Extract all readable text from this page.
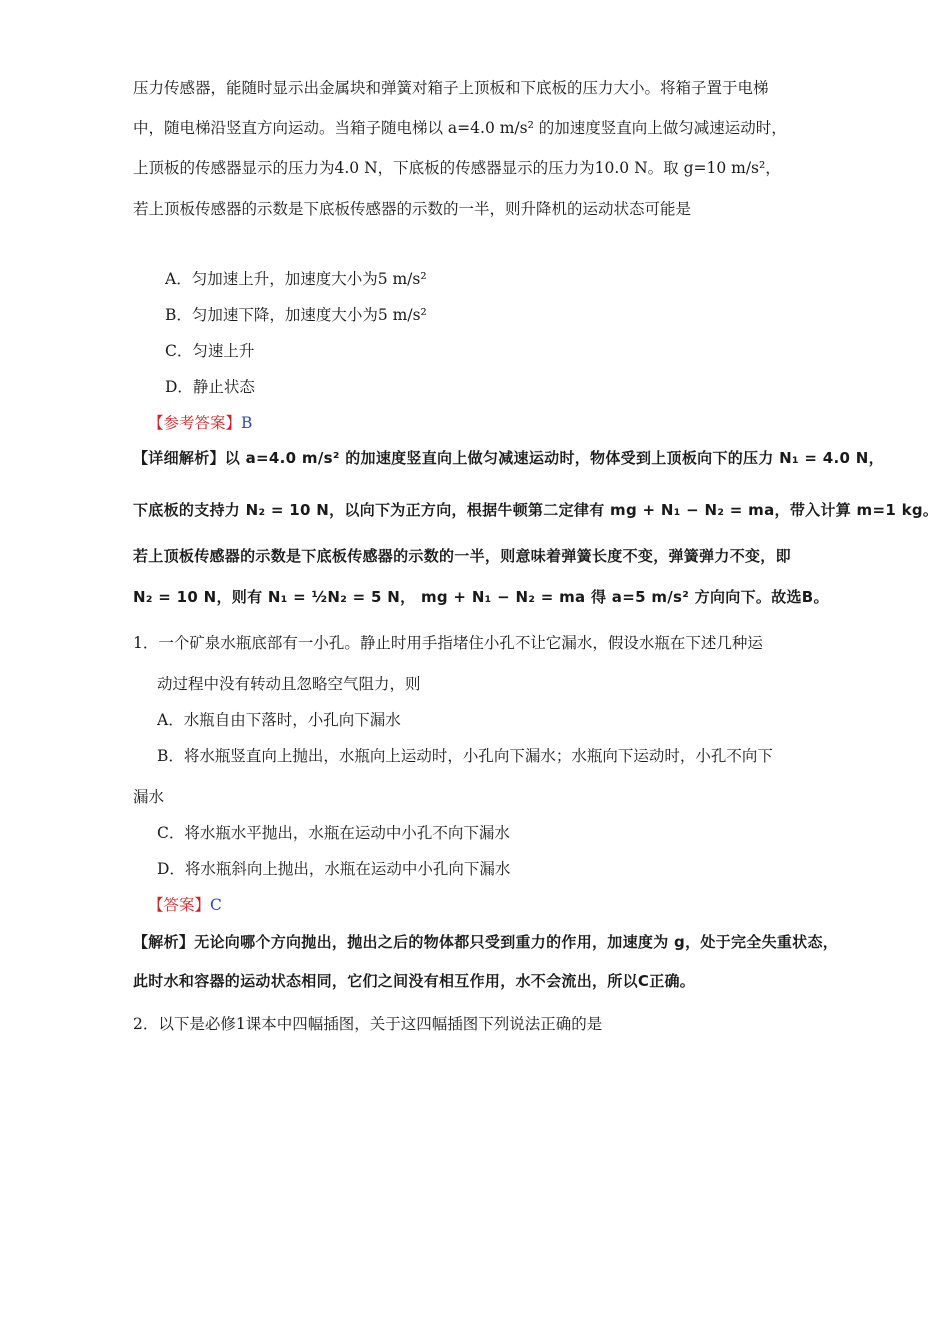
压力传感器，能随时显示出金属块和弹簧对箱子上顶板和下底板的压力大小。将箱子置于电梯
中，随电梯沿竖直方向运动。当箱子随电梯以 a=4.0 m/s² 的加速度竖直向上做匀减速运动时，
上顶板的传感器显示的压力为4.0 N，下底板的传感器显示的压力为10.0 N。取 g=10 m/s²，
若上顶板传感器的示数是下底板传感器的示数的一半，则升降机的运动状态可能是
A．匀加速上升，加速度大小为5 m/s²
B．匀加速下降，加速度大小为5 m/s²
C．匀速上升
D．静止状态
【参考答案】B
【详细解析】以 a=4.0 m/s² 的加速度竖直向上做匀减速运动时，物体受到上顶板向下的压力 N₁ = 4.0 N，
下底板的支持力 N₂ = 10 N，以向下为正方向，根据牛顿第二定律有 mg + N₁ − N₂ = ma，带入计算 m=1 kg。
若上顶板传感器的示数是下底板传感器的示数的一半，则意味着弹簧长度不变，弹簧弹力不变，即
N₂ = 10 N，则有 N₁ = ½N₂ = 5 N， mg + N₁ − N₂ = ma 得 a=5 m/s² 方向向下。故选B。
1．一个矿泉水瓶底部有一小孔。静止时用手指堵住小孔不让它漏水，假设水瓶在下述几种运
动过程中没有转动且忽略空气阻力，则
A．水瓶自由下落时，小孔向下漏水
B．将水瓶竖直向上抛出，水瓶向上运动时，小孔向下漏水；水瓶向下运动时，小孔不向下
漏水
C．将水瓶水平抛出，水瓶在运动中小孔不向下漏水
D．将水瓶斜向上抛出，水瓶在运动中小孔向下漏水
【答案】C
【解析】无论向哪个方向抛出，抛出之后的物体都只受到重力的作用，加速度为 g，处于完全失重状态，
此时水和容器的运动状态相同，它们之间没有相互作用，水不会流出，所以C正确。
2．以下是必修1课本中四幅插图，关于这四幅插图下列说法正确的是
